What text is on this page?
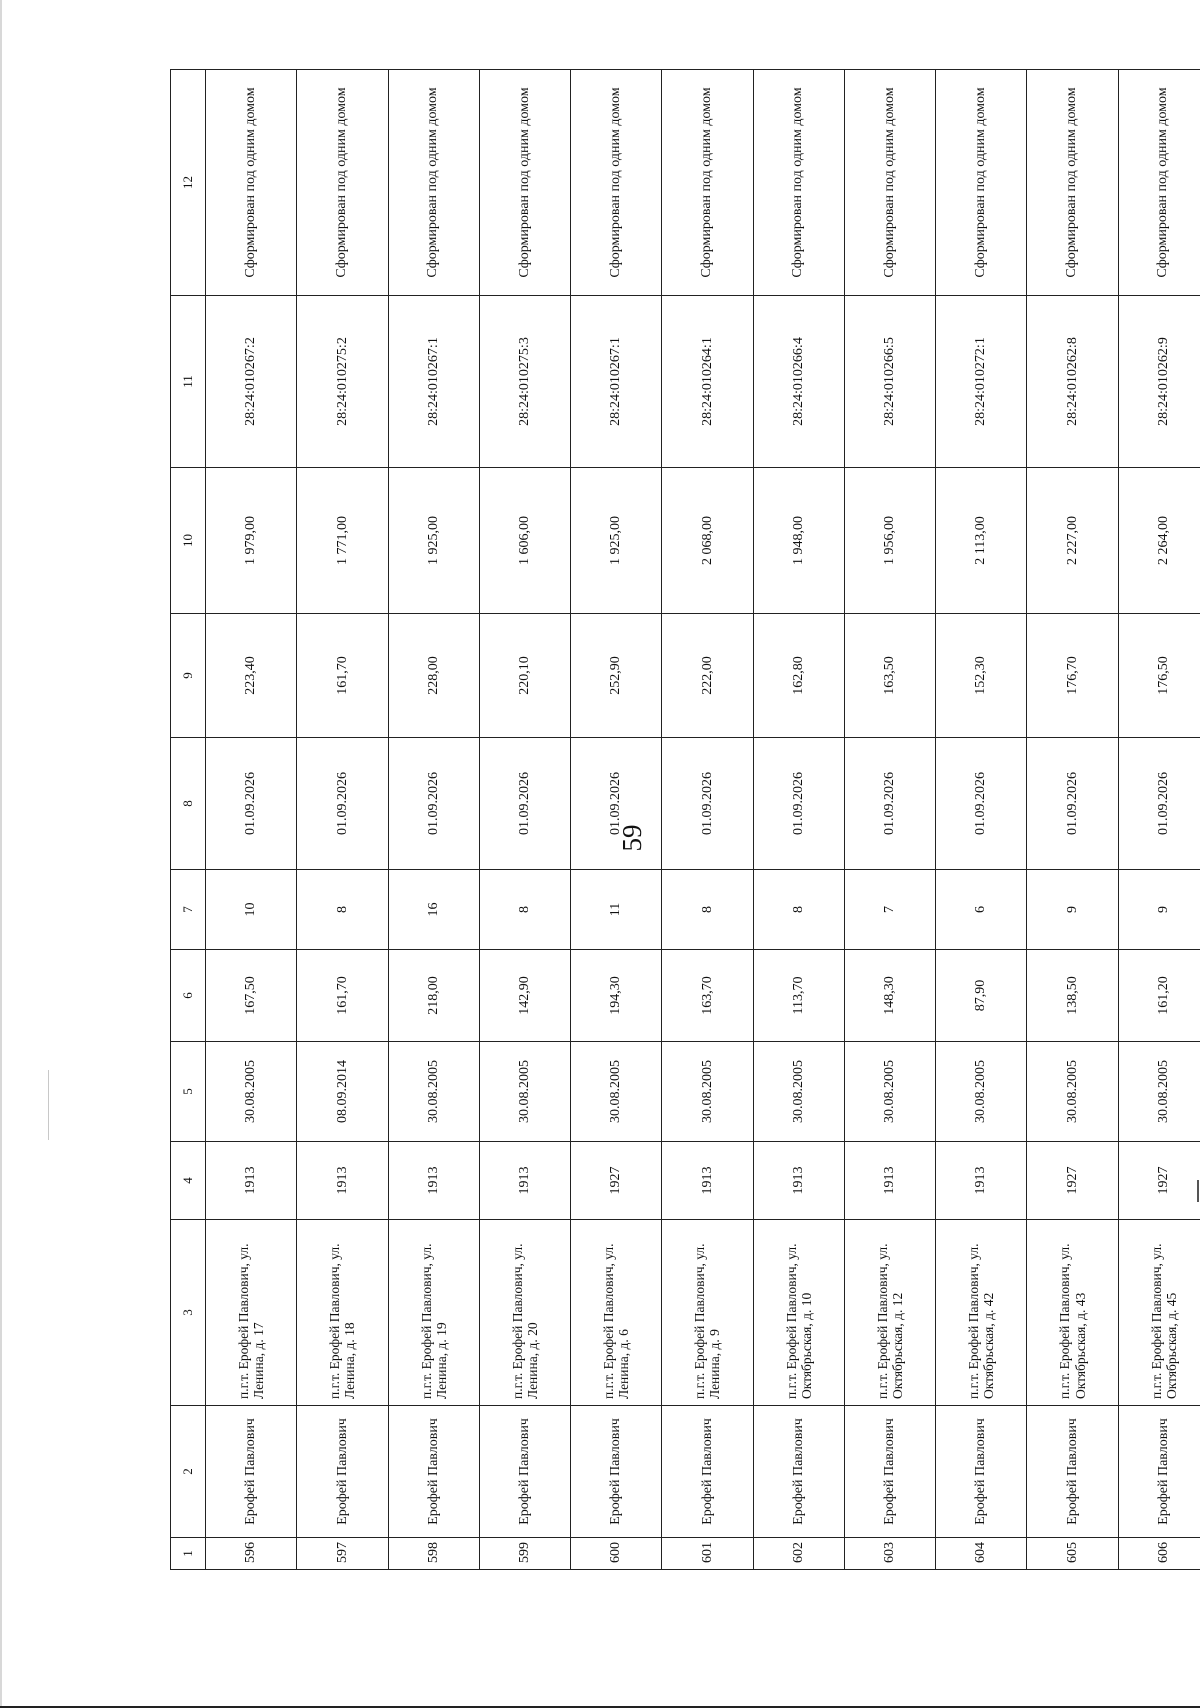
59
1	2	3	4	5	6	7	8	9	10	11	12
596	Ерофей Павлович	п.г.т. Ерофей Павлович, ул. Ленина, д. 17	1913	30.08.2005	167,50	10	01.09.2026	223,40	1 979,00	28:24:010267:2	Сформирован под одним домом
597	Ерофей Павлович	п.г.т. Ерофей Павлович, ул. Ленина, д. 18	1913	08.09.2014	161,70	8	01.09.2026	161,70	1 771,00	28:24:010275:2	Сформирован под одним домом
598	Ерофей Павлович	п.г.т. Ерофей Павлович, ул. Ленина, д. 19	1913	30.08.2005	218,00	16	01.09.2026	228,00	1 925,00	28:24:010267:1	Сформирован под одним домом
599	Ерофей Павлович	п.г.т. Ерофей Павлович, ул. Ленина, д. 20	1913	30.08.2005	142,90	8	01.09.2026	220,10	1 606,00	28:24:010275:3	Сформирован под одним домом
600	Ерофей Павлович	п.г.т. Ерофей Павлович, ул. Ленина, д. 6	1927	30.08.2005	194,30	11	01.09.2026	252,90	1 925,00	28:24:010267:1	Сформирован под одним домом
601	Ерофей Павлович	п.г.т. Ерофей Павлович, ул. Ленина, д. 9	1913	30.08.2005	163,70	8	01.09.2026	222,00	2 068,00	28:24:010264:1	Сформирован под одним домом
602	Ерофей Павлович	п.г.т. Ерофей Павлович, ул. Октябрьская, д. 10	1913	30.08.2005	113,70	8	01.09.2026	162,80	1 948,00	28:24:010266:4	Сформирован под одним домом
603	Ерофей Павлович	п.г.т. Ерофей Павлович, ул. Октябрьская, д. 12	1913	30.08.2005	148,30	7	01.09.2026	163,50	1 956,00	28:24:010266:5	Сформирован под одним домом
604	Ерофей Павлович	п.г.т. Ерофей Павлович, ул. Октябрьская, д. 42	1913	30.08.2005	87,90	6	01.09.2026	152,30	2 113,00	28:24:010272:1	Сформирован под одним домом
605	Ерофей Павлович	п.г.т. Ерофей Павлович, ул. Октябрьская, д. 43	1927	30.08.2005	138,50	9	01.09.2026	176,70	2 227,00	28:24:010262:8	Сформирован под одним домом
606	Ерофей Павлович	п.г.т. Ерофей Павлович, ул. Октябрьская, д. 45	1927	30.08.2005	161,20	9	01.09.2026	176,50	2 264,00	28:24:010262:9	Сформирован под одним домом
